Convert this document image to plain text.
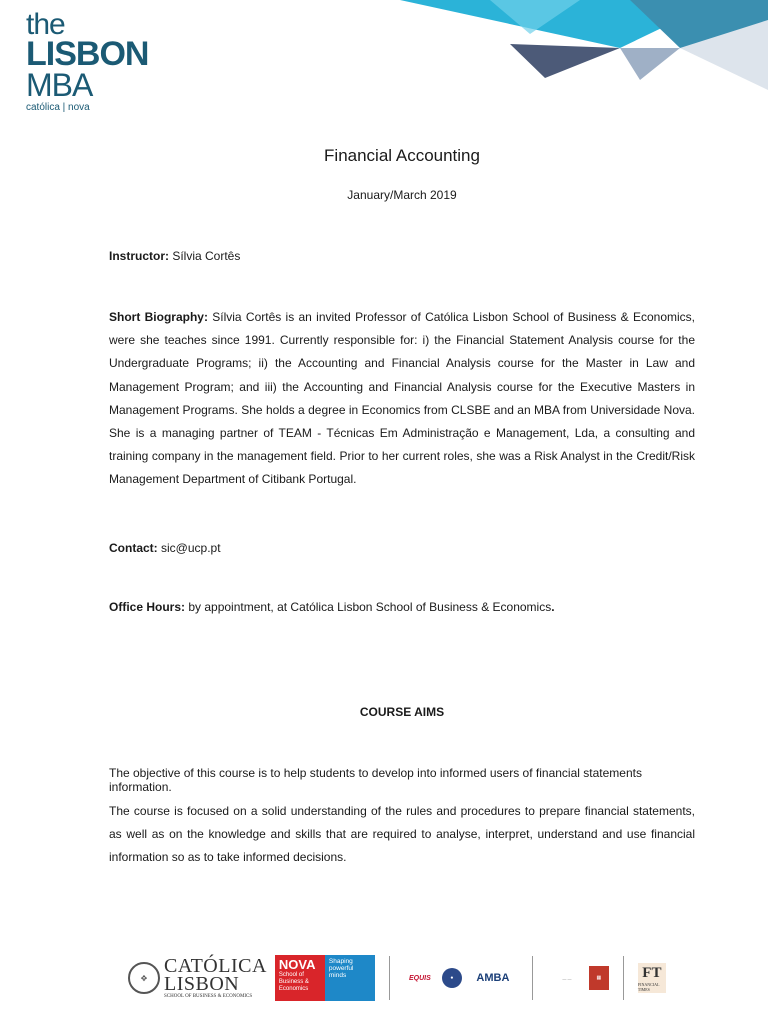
the
LISBON
MBA
católica | nova
Financial Accounting
January/March 2019
Instructor: Sílvia Cortês
Short Biography: Sílvia Cortês is an invited Professor of Católica Lisbon School of Business & Economics, were she teaches since 1991. Currently responsible for: i) the Financial Statement Analysis course for the Undergraduate Programs; ii) the Accounting and Financial Analysis course for the Master in Law and Management Program; and iii) the Accounting and Financial Analysis course for the Executive Masters in Management Programs. She holds a degree in Economics from CLSBE and an MBA from Universidade Nova. She is a managing partner of TEAM - Técnicas Em Administração e Management, Lda, a consulting and training company in the management field. Prior to her current roles, she was a Risk Analyst in the Credit/Risk Management Department of Citibank Portugal.
Contact: sic@ucp.pt
Office Hours: by appointment, at Católica Lisbon School of Business & Economics.
COURSE AIMS
The objective of this course is to help students to develop into informed users of financial statements information.
The course is focused on a solid understanding of the rules and procedures to prepare financial statements, as well as on the knowledge and skills that are required to analyse, interpret, understand and use financial information so as to take informed decisions.
✥
CATÓLICA
LISBON
SCHOOL OF BUSINESS & ECONOMICS
NOVA
School of Business & Economics
Shaping powerful minds	EQUIS	●	AMBA	— —	▦	FT
FINANCIAL TIMES
